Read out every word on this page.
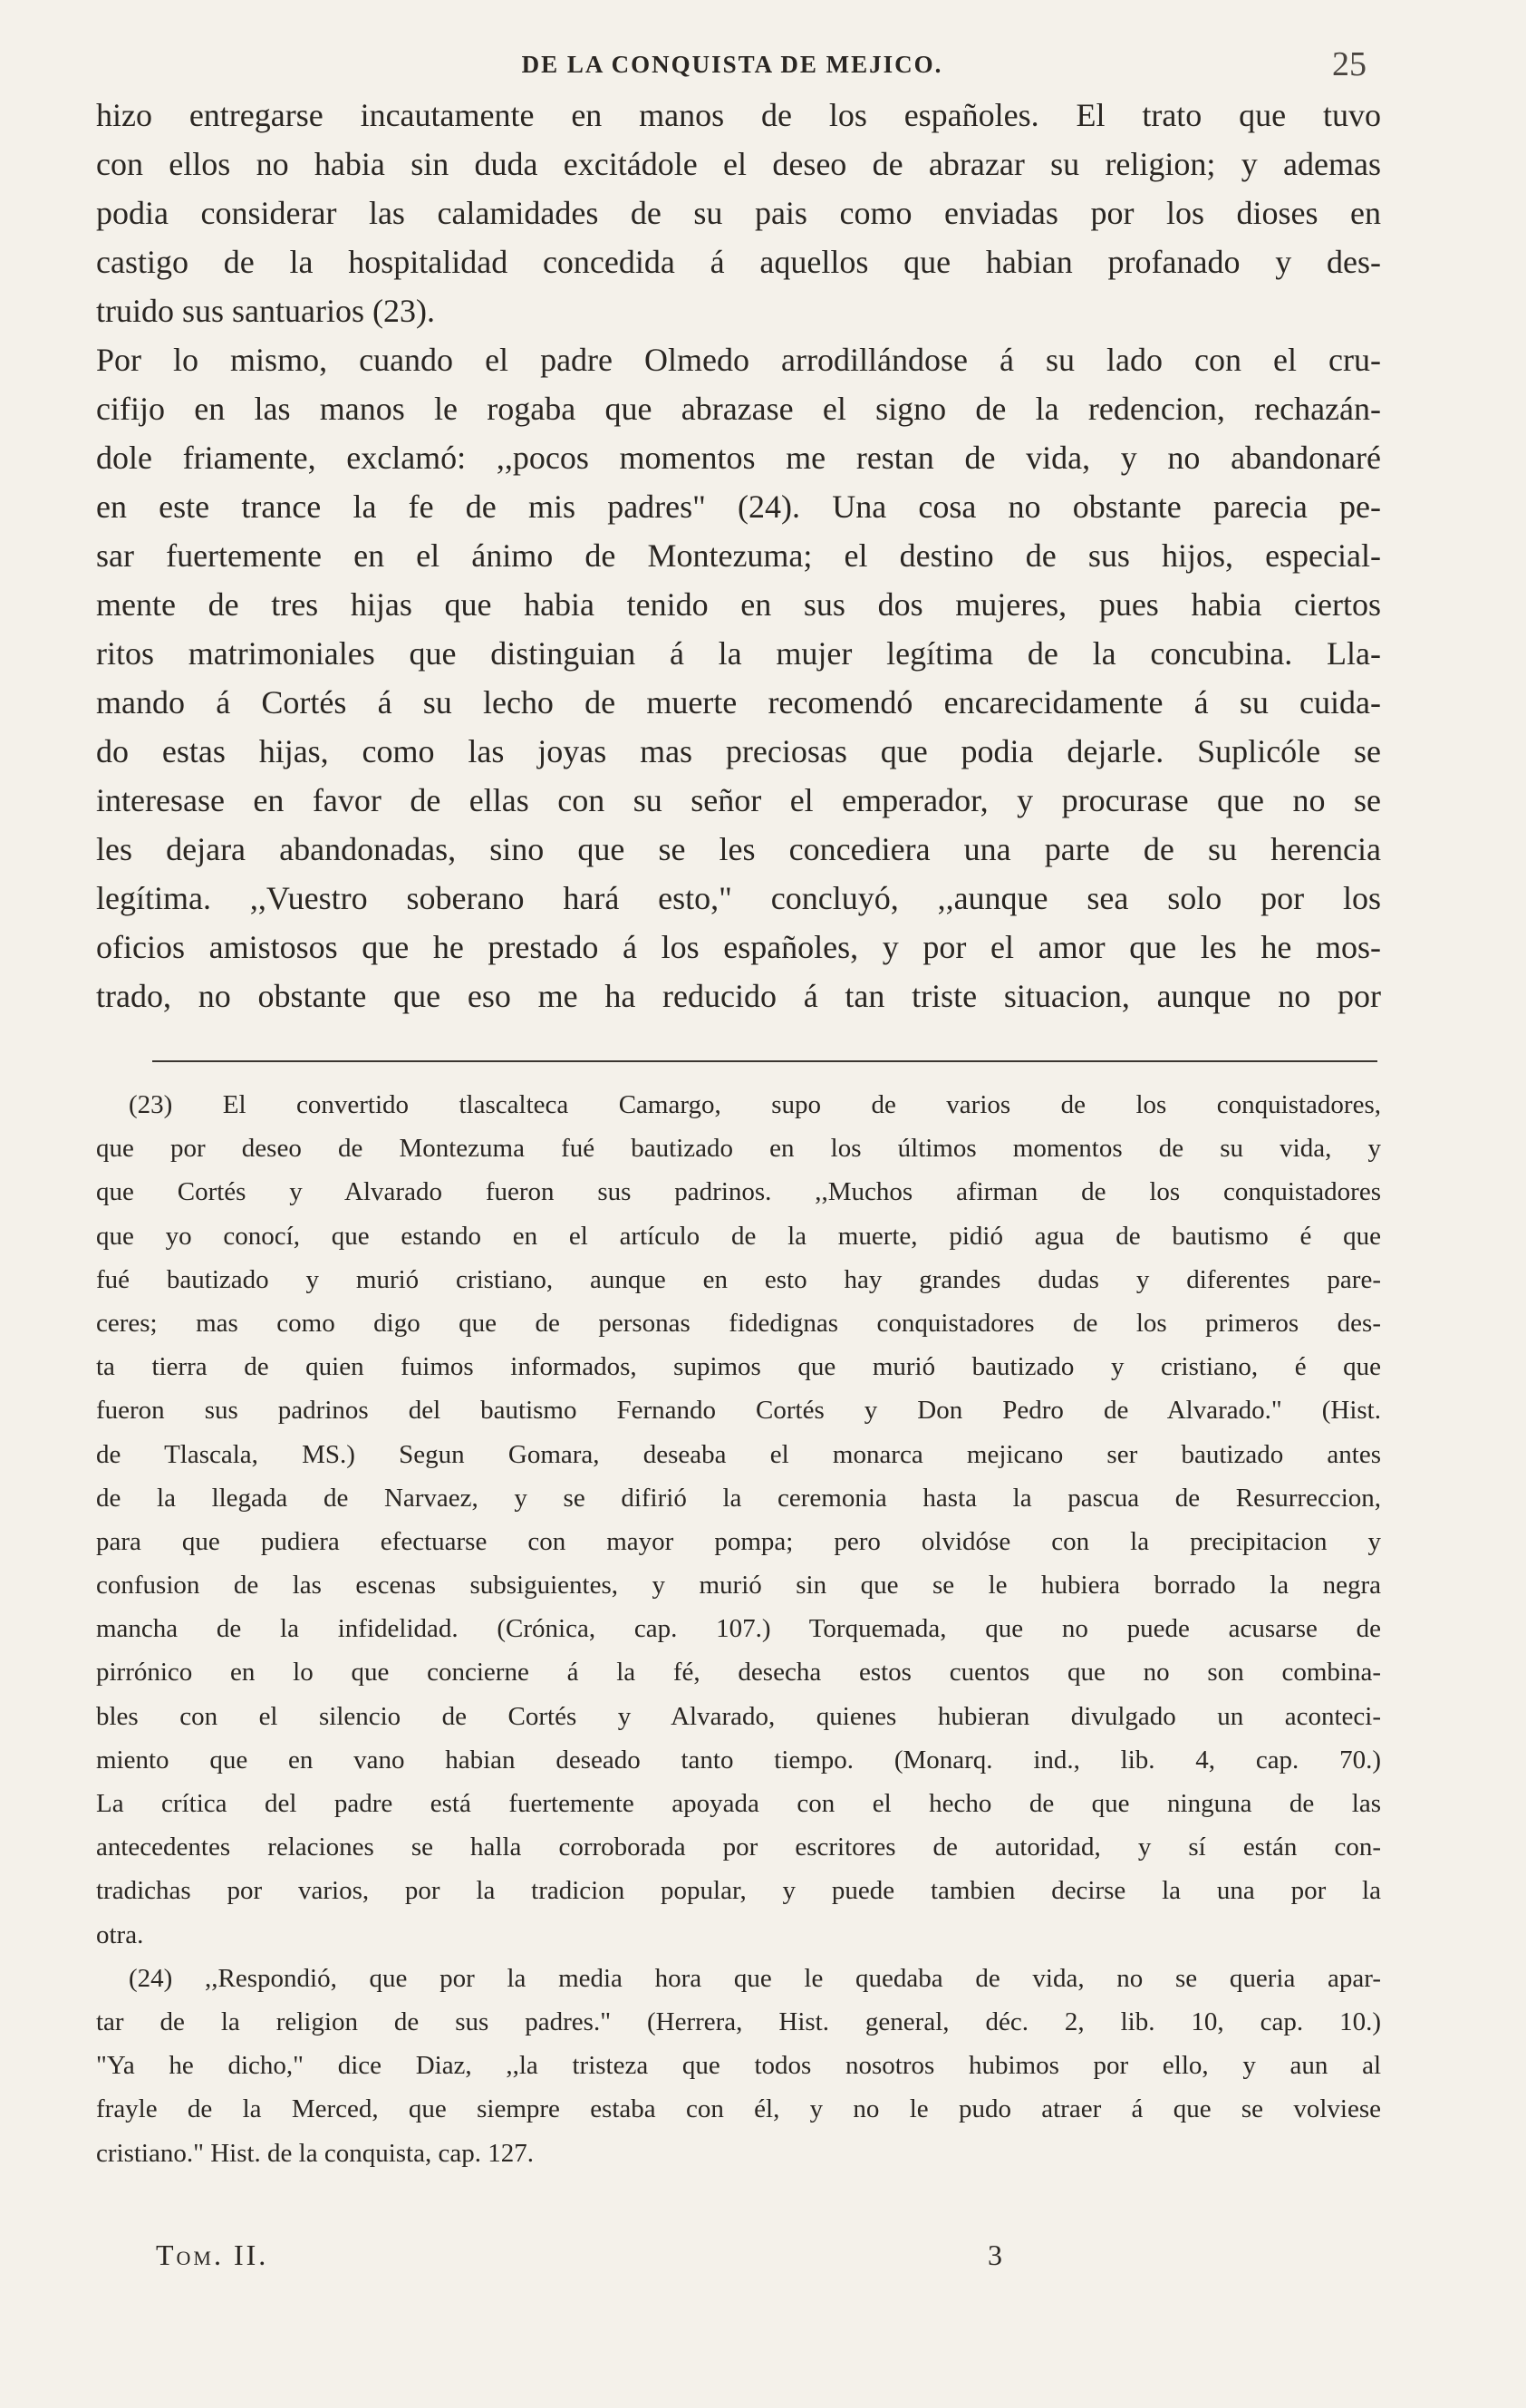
DE LA CONQUISTA DE MEJICO.	25
hizo entregarse incautamente en manos de los españoles. El trato que tuvo
con ellos no habia sin duda excitádole el deseo de abrazar su religion; y ademas
podia considerar las calamidades de su pais como enviadas por los dioses en
castigo de la hospitalidad concedida á aquellos que habian profanado y des-
truido sus santuarios (23).
Por lo mismo, cuando el padre Olmedo arrodillándose á su lado con el cru-
cifijo en las manos le rogaba que abrazase el signo de la redencion, rechazán-
dole friamente, exclamó: ,,pocos momentos me restan de vida, y no abandonaré
en este trance la fe de mis padres" (24). Una cosa no obstante parecia pe-
sar fuertemente en el ánimo de Montezuma; el destino de sus hijos, especial-
mente de tres hijas que habia tenido en sus dos mujeres, pues habia ciertos
ritos matrimoniales que distinguian á la mujer legítima de la concubina. Lla-
mando á Cortés á su lecho de muerte recomendó encarecidamente á su cuida-
do estas hijas, como las joyas mas preciosas que podia dejarle. Suplicóle se
interesase en favor de ellas con su señor el emperador, y procurase que no se
les dejara abandonadas, sino que se les concediera una parte de su herencia
legítima. ,,Vuestro soberano hará esto," concluyó, ,,aunque sea solo por los
oficios amistosos que he prestado á los españoles, y por el amor que les he mos-
trado, no obstante que eso me ha reducido á tan triste situacion, aunque no por
(23) El convertido tlascalteca Camargo, supo de varios de los conquistadores,
que por deseo de Montezuma fué bautizado en los últimos momentos de su vida, y
que Cortés y Alvarado fueron sus padrinos. ,,Muchos afirman de los conquistadores
que yo conocí, que estando en el artículo de la muerte, pidió agua de bautismo é que
fué bautizado y murió cristiano, aunque en esto hay grandes dudas y diferentes pare-
ceres; mas como digo que de personas fidedignas conquistadores de los primeros des-
ta tierra de quien fuimos informados, supimos que murió bautizado y cristiano, é que
fueron sus padrinos del bautismo Fernando Cortés y Don Pedro de Alvarado." (Hist.
de Tlascala, MS.) Segun Gomara, deseaba el monarca mejicano ser bautizado antes
de la llegada de Narvaez, y se difirió la ceremonia hasta la pascua de Resurreccion,
para que pudiera efectuarse con mayor pompa; pero olvidóse con la precipitacion y
confusion de las escenas subsiguientes, y murió sin que se le hubiera borrado la negra
mancha de la infidelidad. (Crónica, cap. 107.) Torquemada, que no puede acusarse de
pirrónico en lo que concierne á la fé, desecha estos cuentos que no son combina-
bles con el silencio de Cortés y Alvarado, quienes hubieran divulgado un aconteci-
miento que en vano habian deseado tanto tiempo. (Monarq. ind., lib. 4, cap. 70.)
La crítica del padre está fuertemente apoyada con el hecho de que ninguna de las
antecedentes relaciones se halla corroborada por escritores de autoridad, y sí están con-
tradichas por varios, por la tradicion popular, y puede tambien decirse la una por la
otra.
(24) ,,Respondió, que por la media hora que le quedaba de vida, no se queria apar-
tar de la religion de sus padres." (Herrera, Hist. general, déc. 2, lib. 10, cap. 10.)
"Ya he dicho," dice Diaz, ,,la tristeza que todos nosotros hubimos por ello, y aun al
frayle de la Merced, que siempre estaba con él, y no le pudo atraer á que se volviese
cristiano." Hist. de la conquista, cap. 127.
Tom. II.	3
